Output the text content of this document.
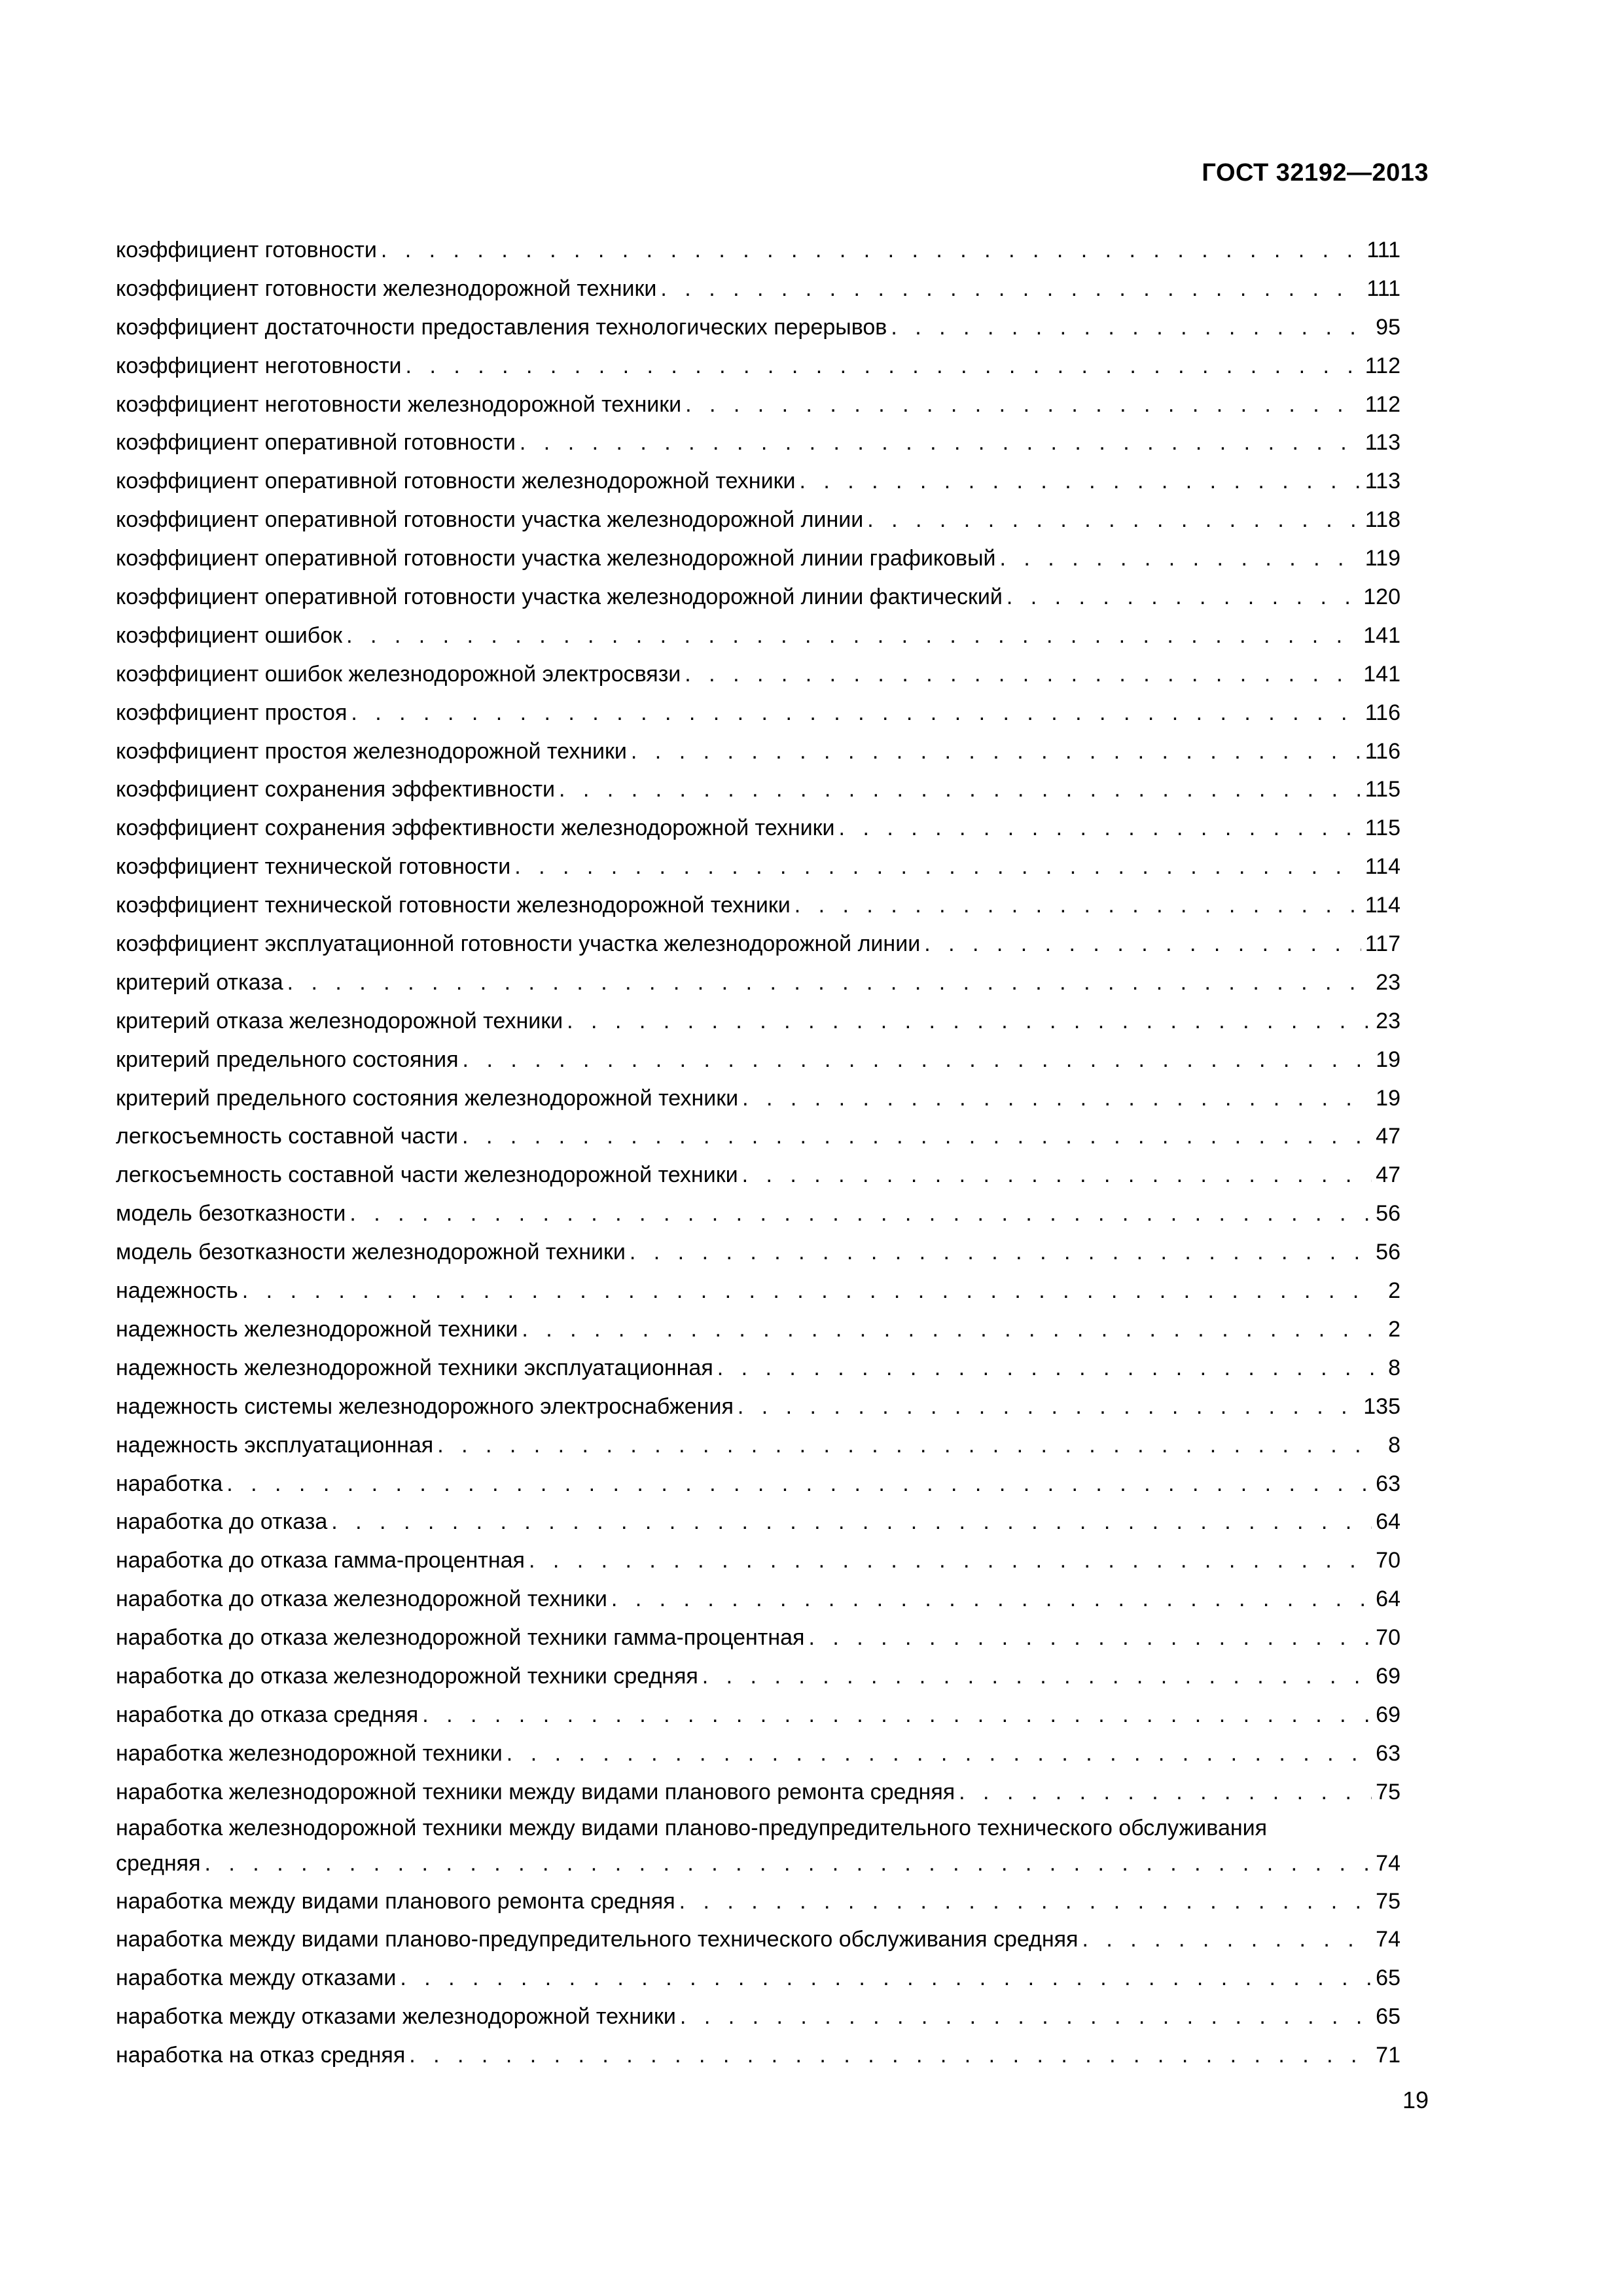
ГОСТ 32192—2013
коэффициент готовности . . .	111
коэффициент готовности железнодорожной техники . . .	111
коэффициент достаточности предоставления технологических перерывов . . .	95
коэффициент неготовности . . .	112
коэффициент неготовности железнодорожной техники . . .	112
коэффициент оперативной готовности . . .	113
коэффициент оперативной готовности железнодорожной техники . . .	113
коэффициент оперативной готовности участка железнодорожной линии . . .	118
коэффициент оперативной готовности участка железнодорожной линии графиковый . . .	119
коэффициент оперативной готовности участка железнодорожной линии фактический . . .	120
коэффициент ошибок . . .	141
коэффициент ошибок железнодорожной электросвязи . . .	141
коэффициент простоя . . .	116
коэффициент простоя железнодорожной техники . . .	116
коэффициент сохранения эффективности . . .	115
коэффициент сохранения эффективности железнодорожной техники . . .	115
коэффициент технической готовности . . .	114
коэффициент технической готовности железнодорожной техники . . .	114
коэффициент эксплуатационной готовности участка железнодорожной линии . . .	117
критерий отказа . . .	23
критерий отказа железнодорожной техники . . .	23
критерий предельного состояния . . .	19
критерий предельного состояния железнодорожной техники . . .	19
легкосъемность составной части . . .	47
легкосъемность составной части железнодорожной техники . . .	47
модель безотказности . . .	56
модель безотказности железнодорожной техники . . .	56
надежность . . .	2
надежность железнодорожной техники . . .	2
надежность железнодорожной техники эксплуатационная . . .	8
надежность системы железнодорожного электроснабжения . . .	135
надежность эксплуатационная . . .	8
наработка . . .	63
наработка до отказа . . .	64
наработка до отказа гамма-процентная . . .	70
наработка до отказа железнодорожной техники . . .	64
наработка до отказа железнодорожной техники гамма-процентная . . .	70
наработка до отказа железнодорожной техники средняя . . .	69
наработка до отказа средняя . . .	69
наработка железнодорожной техники . . .	63
наработка железнодорожной техники между видами планового ремонта средняя . . .	75
наработка железнодорожной техники между видами планово-предупредительного технического обслуживания
средняя . . .	74
наработка между видами планового ремонта средняя . . .	75
наработка между видами планово-предупредительного технического обслуживания средняя . . .	74
наработка между отказами . . .	65
наработка между отказами железнодорожной техники . . .	65
наработка на отказ средняя . . .	71
19
